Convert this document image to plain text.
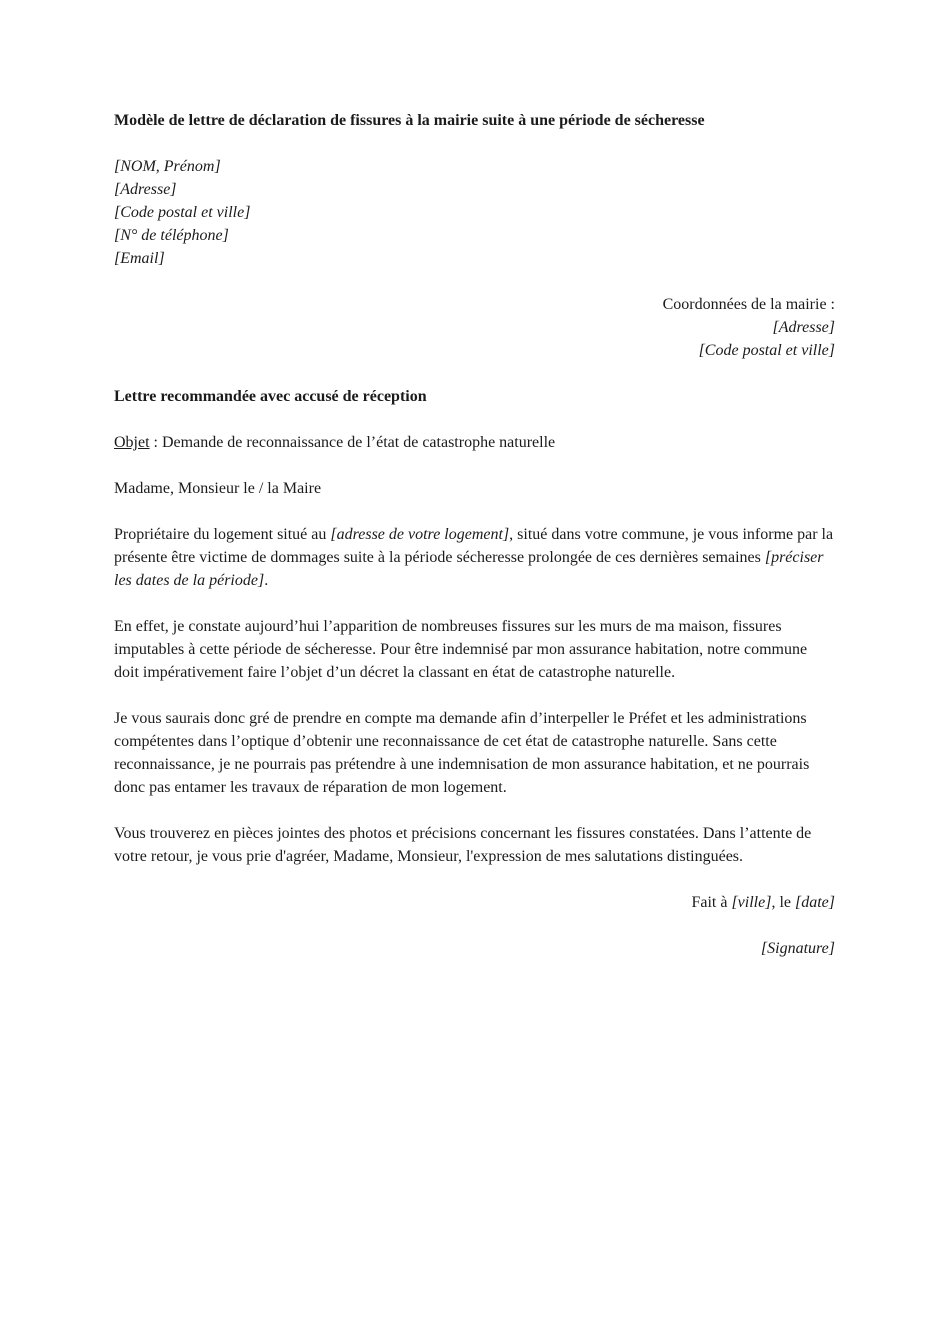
Modèle de lettre de déclaration de fissures à la mairie suite à une période de sécheresse

[NOM, Prénom]

[Adresse]

[Code postal et ville]

[N° de téléphone]

[Email]

Coordonnées de la mairie :

[Adresse]

[Code postal et ville]

Lettre recommandée avec accusé de réception

Objet : Demande de reconnaissance de l’état de catastrophe naturelle

Madame, Monsieur le / la Maire

Propriétaire du logement situé au [adresse de votre logement], situé dans votre commune, je vous informe par la présente être victime de dommages suite à la période sécheresse prolongée de ces dernières semaines [préciser les dates de la période].

En effet, je constate aujourd’hui l’apparition de nombreuses fissures sur les murs de ma maison, fissures imputables à cette période de sécheresse. Pour être indemnisé par mon assurance habitation, notre commune doit impérativement faire l’objet d’un décret la classant en état de catastrophe naturelle.

Je vous saurais donc gré de prendre en compte ma demande afin d’interpeller le Préfet et les administrations compétentes dans l’optique d’obtenir une reconnaissance de cet état de catastrophe naturelle. Sans cette reconnaissance, je ne pourrais pas prétendre à une indemnisation de mon assurance habitation, et ne pourrais donc pas entamer les travaux de réparation de mon logement.

Vous trouverez en pièces jointes des photos et précisions concernant les fissures constatées. Dans l’attente de votre retour, je vous prie d'agréer, Madame, Monsieur, l'expression de mes salutations distinguées.

Fait à [ville], le [date]

[Signature]
